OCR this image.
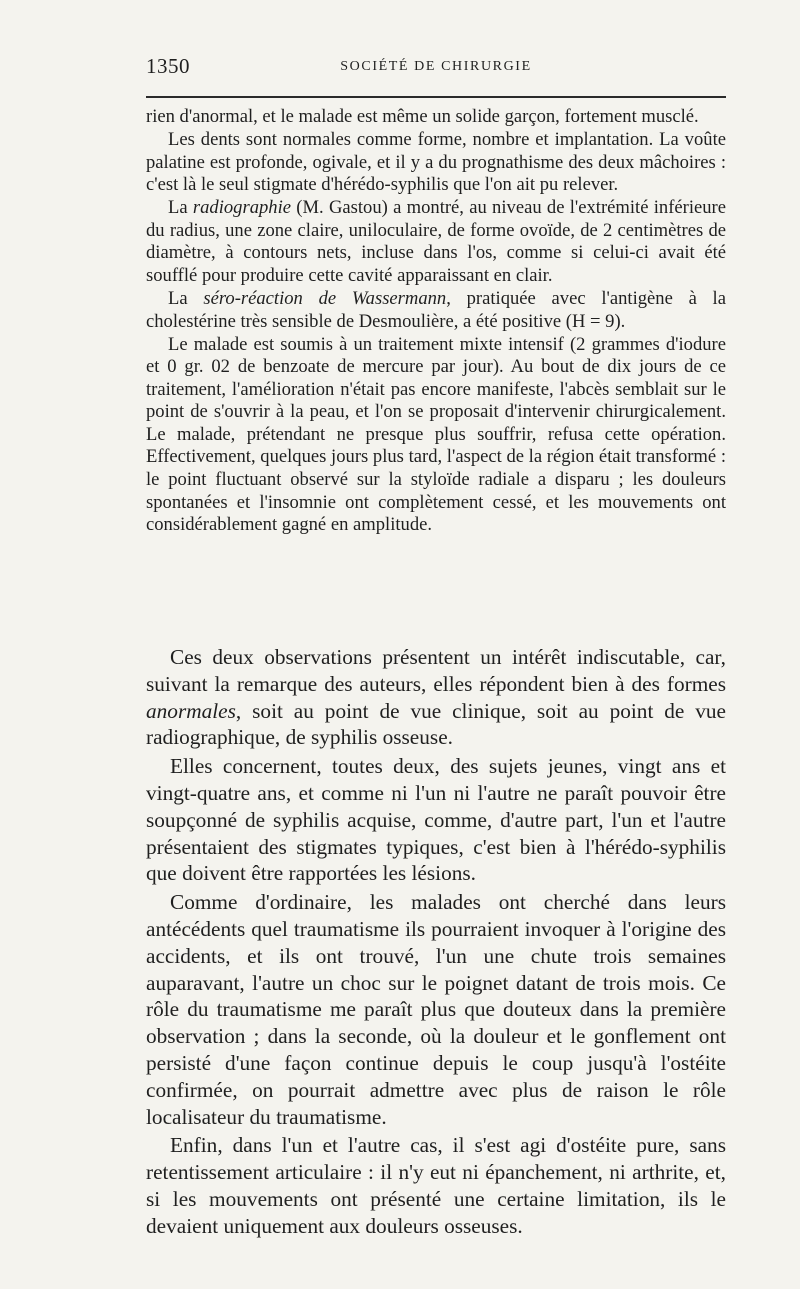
1350	SOCIÉTÉ DE CHIRURGIE

rien d'anormal, et le malade est même un solide garçon, fortement musclé.

Les dents sont normales comme forme, nombre et implantation. La voûte palatine est profonde, ogivale, et il y a du prognathisme des deux mâchoires : c'est là le seul stigmate d'hérédo-syphilis que l'on ait pu relever.

La radiographie (M. Gastou) a montré, au niveau de l'extrémité inférieure du radius, une zone claire, uniloculaire, de forme ovoïde, de 2 centimètres de diamètre, à contours nets, incluse dans l'os, comme si celui-ci avait été soufflé pour produire cette cavité apparaissant en clair.

La séro-réaction de Wassermann, pratiquée avec l'antigène à la cholestérine très sensible de Desmoulière, a été positive (H = 9).

Le malade est soumis à un traitement mixte intensif (2 grammes d'iodure et 0 gr. 02 de benzoate de mercure par jour). Au bout de dix jours de ce traitement, l'amélioration n'était pas encore manifeste, l'abcès semblait sur le point de s'ouvrir à la peau, et l'on se proposait d'intervenir chirurgicalement. Le malade, prétendant ne presque plus souffrir, refusa cette opération. Effectivement, quelques jours plus tard, l'aspect de la région était transformé : le point fluctuant observé sur la styloïde radiale a disparu ; les douleurs spontanées et l'insomnie ont complètement cessé, et les mouvements ont considérablement gagné en amplitude.

Ces deux observations présentent un intérêt indiscutable, car, suivant la remarque des auteurs, elles répondent bien à des formes anormales, soit au point de vue clinique, soit au point de vue radiographique, de syphilis osseuse.

Elles concernent, toutes deux, des sujets jeunes, vingt ans et vingt-quatre ans, et comme ni l'un ni l'autre ne paraît pouvoir être soupçonné de syphilis acquise, comme, d'autre part, l'un et l'autre présentaient des stigmates typiques, c'est bien à l'hérédo-syphilis que doivent être rapportées les lésions.

Comme d'ordinaire, les malades ont cherché dans leurs antécédents quel traumatisme ils pourraient invoquer à l'origine des accidents, et ils ont trouvé, l'un une chute trois semaines auparavant, l'autre un choc sur le poignet datant de trois mois. Ce rôle du traumatisme me paraît plus que douteux dans la première observation ; dans la seconde, où la douleur et le gonflement ont persisté d'une façon continue depuis le coup jusqu'à l'ostéite confirmée, on pourrait admettre avec plus de raison le rôle localisateur du traumatisme.

Enfin, dans l'un et l'autre cas, il s'est agi d'ostéite pure, sans retentissement articulaire : il n'y eut ni épanchement, ni arthrite, et, si les mouvements ont présenté une certaine limitation, ils le devaient uniquement aux douleurs osseuses.
